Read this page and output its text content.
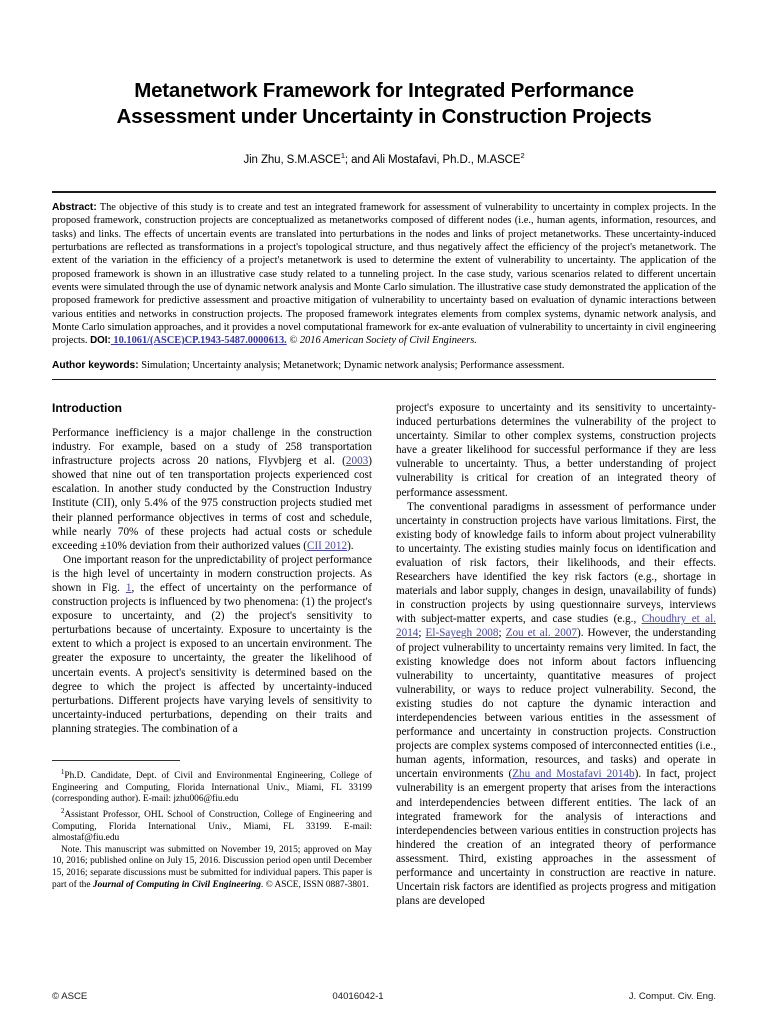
Metanetwork Framework for Integrated Performance Assessment under Uncertainty in Construction Projects
Jin Zhu, S.M.ASCE$^1$; and Ali Mostafavi, Ph.D., M.ASCE$^2$

Abstract: The objective of this study is to create and test an integrated framework for assessment of vulnerability to uncertainty in complex projects. In the proposed framework, construction projects are conceptualized as metanetworks composed of different nodes (i.e., human agents, information, resources, and tasks) and links. The effects of uncertain events are translated into perturbations in the nodes and links of project metanetworks. These uncertainty-induced perturbations are reflected as transformations in a project's topological structure, and thus negatively affect the efficiency of the project's metanetwork. The extent of the variation in the efficiency of a project's metanetwork is used to determine the extent of vulnerability to uncertainty. The application of the proposed framework is shown in an illustrative case study related to a tunneling project. In the case study, various scenarios related to different uncertain events were simulated through the use of dynamic network analysis and Monte Carlo simulation. The illustrative case study demonstrated the application of the proposed framework for predictive assessment and proactive mitigation of vulnerability to uncertainty based on evaluation of dynamic interactions between various entities and networks in construction projects. The proposed framework integrates elements from complex systems, dynamic network analysis, and Monte Carlo simulation approaches, and it provides a novel computational framework for ex-ante evaluation of vulnerability to uncertainty in civil engineering projects. DOI: 10.1061/(ASCE)CP.1943-5487.0000613. © 2016 American Society of Civil Engineers.

Author keywords: Simulation; Uncertainty analysis; Metanetwork; Dynamic network analysis; Performance assessment.

Introduction

Performance inefficiency is a major challenge in the construction industry. For example, based on a study of 258 transportation infrastructure projects across 20 nations, Flyvbjerg et al. (2003) showed that nine out of ten transportation projects experienced cost escalation. In another study conducted by the Construction Industry Institute (CII), only 5.4% of the 975 construction projects studied met their planned performance objectives in terms of cost and schedule, while nearly 70% of these projects had actual costs or schedule exceeding ±10% deviation from their authorized values (CII 2012).

One important reason for the unpredictability of project performance is the high level of uncertainty in modern construction projects. As shown in Fig. 1, the effect of uncertainty on the performance of construction projects is influenced by two phenomena: (1) the project's exposure to uncertainty, and (2) the project's sensitivity to perturbations because of uncertainty. Exposure to uncertainty is the extent to which a project is exposed to an uncertain environment. The greater the exposure to uncertainty, the greater the likelihood of uncertain events. A project's sensitivity is determined based on the degree to which the project is affected by uncertainty-induced perturbations. Different projects have varying levels of sensitivity to uncertainty-induced perturbations, depending on their traits and planning strategies. The combination of a

$^1$Ph.D. Candidate, Dept. of Civil and Environmental Engineering, College of Engineering and Computing, Florida International Univ., Miami, FL 33199 (corresponding author). E-mail: jzhu006@fiu.edu

$^2$Assistant Professor, OHL School of Construction, College of Engineering and Computing, Florida International Univ., Miami, FL 33199. E-mail: almostaf@fiu.edu

Note. This manuscript was submitted on November 19, 2015; approved on May 10, 2016; published online on July 15, 2016. Discussion period open until December 15, 2016; separate discussions must be submitted for individual papers. This paper is part of the Journal of Computing in Civil Engineering. © ASCE, ISSN 0887-3801.

project's exposure to uncertainty and its sensitivity to uncertainty-induced perturbations determines the vulnerability of the project to uncertainty. Similar to other complex systems, construction projects have a greater likelihood for successful performance if they are less vulnerable to uncertainty. Thus, a better understanding of project vulnerability is critical for creation of an integrated theory of performance assessment.

The conventional paradigms in assessment of performance under uncertainty in construction projects have various limitations. First, the existing body of knowledge fails to inform about project vulnerability to uncertainty. The existing studies mainly focus on identification and evaluation of risk factors, their likelihoods, and their effects. Researchers have identified the key risk factors (e.g., shortage in materials and labor supply, changes in design, unavailability of funds) in construction projects by using questionnaire surveys, interviews with subject-matter experts, and case studies (e.g., Choudhry et al. 2014; El-Sayegh 2008; Zou et al. 2007). However, the understanding of project vulnerability to uncertainty remains very limited. In fact, the existing knowledge does not inform about factors influencing vulnerability to uncertainty, quantitative measures of project vulnerability, or ways to reduce project vulnerability. Second, the existing studies do not capture the dynamic interaction and interdependencies between various entities in the assessment of performance and uncertainty in construction projects. Construction projects are complex systems composed of interconnected entities (i.e., human agents, information, resources, and tasks) and operate in uncertain environments (Zhu and Mostafavi 2014b). In fact, project vulnerability is an emergent property that arises from the interactions and interdependencies between different entities. The lack of an integrated framework for the analysis of interactions and interdependencies between various entities in construction projects has hindered the creation of an integrated theory of performance assessment. Third, existing approaches in the assessment of performance and uncertainty in construction are reactive in nature. Uncertain risk factors are identified as projects progress and mitigation plans are developed

© ASCE	04016042-1	J. Comput. Civ. Eng.
